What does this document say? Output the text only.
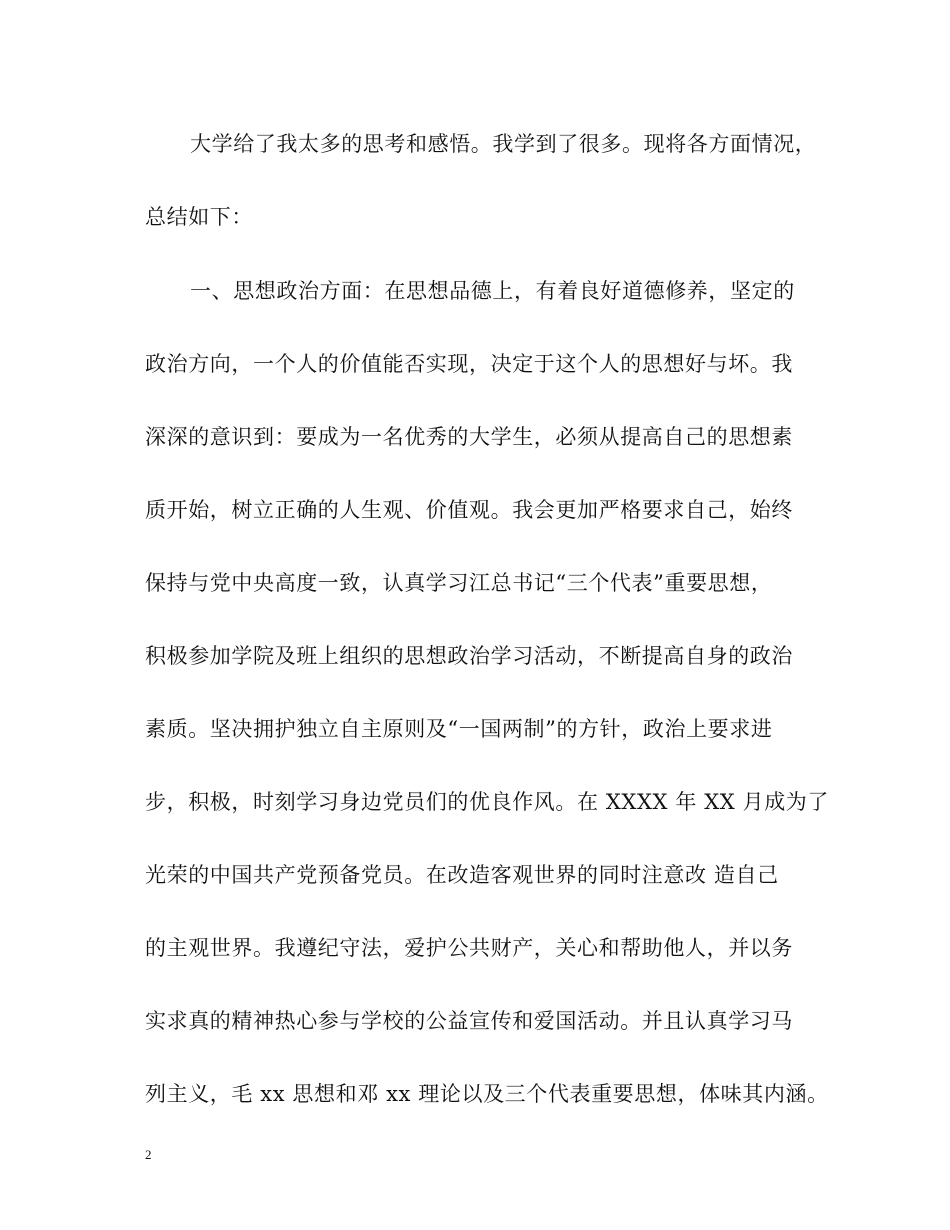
大学给了我太多的思考和感悟。我学到了很多。现将各方面情况，
总结如下：
一、思想政治方面：在思想品德上，有着良好道德修养，坚定的
政治方向，一个人的价值能否实现，决定于这个人的思想好与坏。我
深深的意识到：要成为一名优秀的大学生，必须从提高自己的思想素
质开始，树立正确的人生观、价值观。我会更加严格要求自己，始终
保持与党中央高度一致，认真学习江总书记“三个代表”重要思想，
积极参加学院及班上组织的思想政治学习活动，不断提高自身的政治
素质。坚决拥护独立自主原则及“一国两制”的方针，政治上要求进
步，积极，时刻学习身边党员们的优良作风。在 XXXX 年 XX 月成为了
光荣的中国共产党预备党员。在改造客观世界的同时注意改 造自己
的主观世界。我遵纪守法，爱护公共财产，关心和帮助他人，并以务
实求真的精神热心参与学校的公益宣传和爱国活动。并且认真学习马
列主义，毛 xx 思想和邓 xx 理论以及三个代表重要思想，体味其内涵。
2
